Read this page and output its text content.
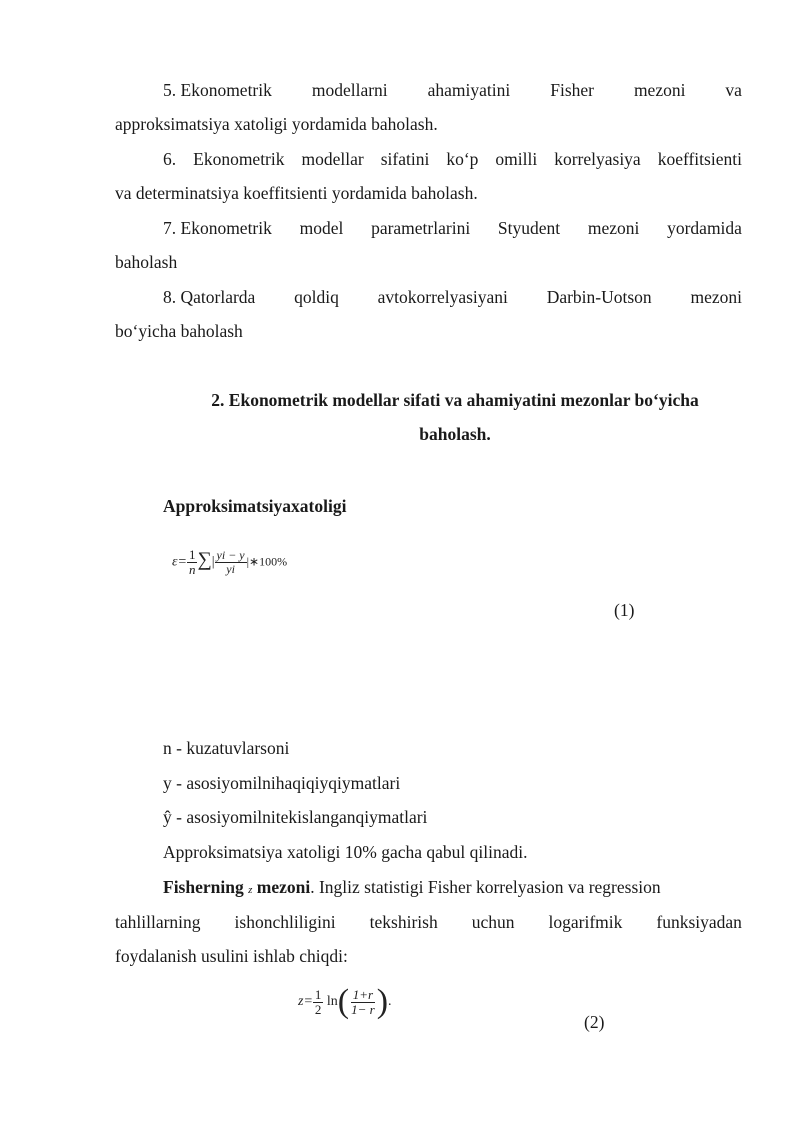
5. Ekonometrik modellarni ahamiyatini Fisher mezoni va
approksimatsiya xatoligi yordamida baholash.
6. Ekonometrik modellar sifatini ko‘p omilli korrelyasiya koeffitsienti
va determinatsiya koeffitsienti yordamida baholash.
7. Ekonometrik model parametrlarini Styudent mezoni yordamida
baholash
8. Qatorlarda qoldiq avtokorrelyasiyani Darbin-Uotson mezoni
bo‘yicha baholash
2. Ekonometrik modellar sifati va ahamiyatini mezonlar bo‘yicha
baholash.
Approksimatsiyaxatoligi
$\varepsilon= \frac{1}{n}$ ∑| $\frac{yi - y}{yi}$ |∗100%
(1)
n - kuzatuvlarsoni
y - asosiyomilnihaqiqiyqiymatlari
ŷ - asosiyomilnitekislanganqiymatlari
Approksimatsiya xatoligi 10% gacha qabul qilinadi.
Fisherning z mezoni. Ingliz statistigi Fisher korrelyasion va regression
tahlillarning ishonchliligini tekshirish uchun logarifmik funksiyadan
foydalanish usulini ishlab chiqdi:
$z= \frac{1}{2} \ln( \frac{1+r}{1- r}$ ).
(2)
